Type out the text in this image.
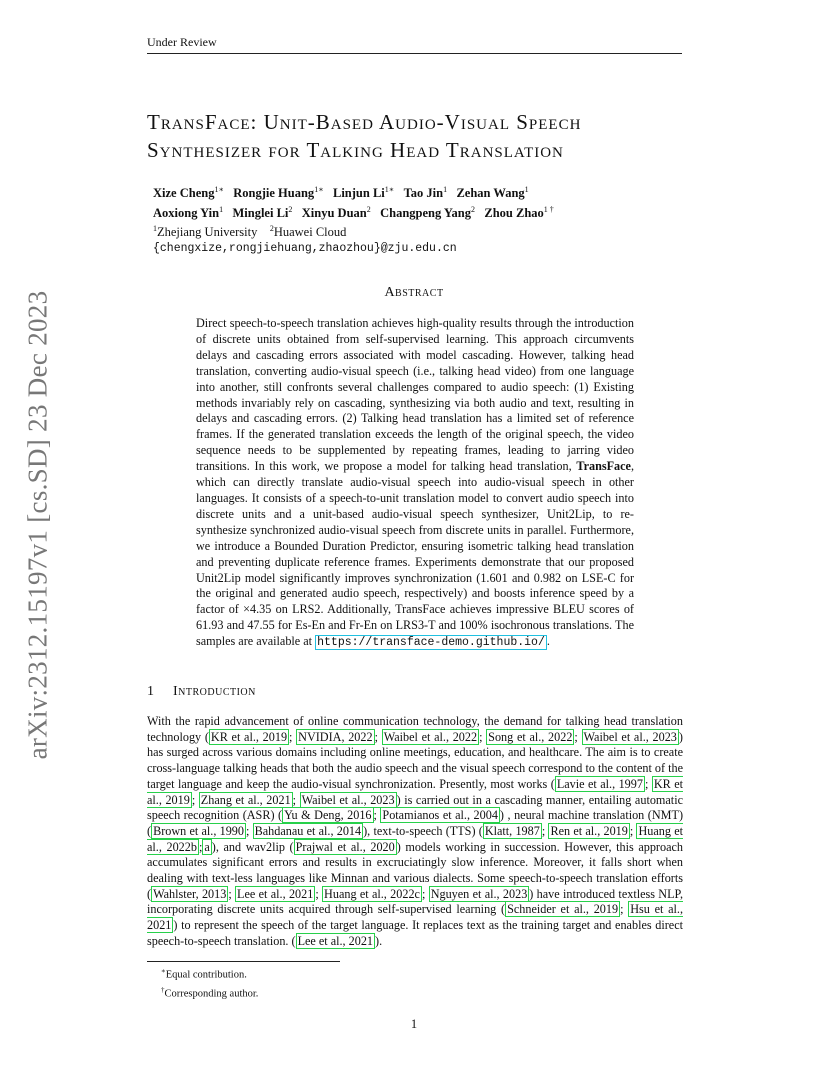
Under Review
arXiv:2312.15197v1 [cs.SD] 23 Dec 2023
TransFace: Unit-Based Audio-Visual Speech
Synthesizer for Talking Head Translation
Xize Cheng$^{1∗}$ Rongjie Huang$^{1∗}$ Linjun $Li^{1∗}$ Tao Jin$^1$ Zehan Wang$^1$
Aoxiong Yin$^1$ Minglei Li$^2$ Xinyu Duan$^2$ Changpeng Yang$^2$ Zhou Zhao$^{1 \dagger}$
$^1$Zhejiang University $^2$Huawei Cloud
{chengxize,rongjiehuang,zhaozhou}@zju.edu.cn
Abstract
Direct speech-to-speech translation achieves high-quality results through the introduction of discrete units obtained from self-supervised learning. This approach circumvents delays and cascading errors associated with model cascading. However, talking head translation, converting audio-visual speech (i.e., talking head video) from one language into another, still confronts several challenges compared to audio speech: (1) Existing methods invariably rely on cascading, synthesizing via both audio and text, resulting in delays and cascading errors. (2) Talking head translation has a limited set of reference frames. If the generated translation exceeds the length of the original speech, the video sequence needs to be supplemented by repeating frames, leading to jarring video transitions. In this work, we propose a model for talking head translation, TransFace, which can directly translate audio-visual speech into audio-visual speech in other languages. It consists of a speech-to-unit translation model to convert audio speech into discrete units and a unit-based audio-visual speech synthesizer, Unit2Lip, to re-synthesize synchronized audio-visual speech from discrete units in parallel. Furthermore, we introduce a Bounded Duration Predictor, ensuring isometric talking head translation and preventing duplicate reference frames. Experiments demonstrate that our proposed Unit2Lip model significantly improves synchronization (1.601 and 0.982 on LSE-C for the original and generated audio speech, respectively) and boosts inference speed by a factor of ×4.35 on LRS2. Additionally, TransFace achieves impressive BLEU scores of 61.93 and 47.55 for Es-En and Fr-En on LRS3-T and 100% isochronous translations. The samples are available at https://transface-demo.github.io/ .
1 Introduction
With the rapid advancement of online communication technology, the demand for talking head translation technology ( KR et al., 2019 ; NVIDIA, 2022 ; Waibel et al., 2022 ; Song et al., 2022 ; Waibel et al., 2023 ) has surged across various domains including online meetings, education, and healthcare. The aim is to create cross-language talking heads that both the audio speech and the visual speech correspond to the content of the target language and keep the audio-visual synchronization. Presently, most works ( Lavie et al., 1997 ; KR et al., 2019 ; Zhang et al., 2021 ; Waibel et al., 2023 ) is carried out in a cascading manner, entailing automatic speech recognition (ASR) ( Yu & Deng, 2016 ; Potamianos et al., 2004 ) , neural machine translation (NMT) ( Brown et al., 1990 ; Bahdanau et al., 2014 ), text-to-speech (TTS) ( Klatt, 1987 ; Ren et al., 2019 ; Huang et al., 2022b ; a ), and wav2lip ( Prajwal et al., 2020 ) models working in succession. However, this approach accumulates significant errors and results in excruciatingly slow inference. Moreover, it falls short when dealing with text-less languages like Minnan and various dialects. Some speech-to-speech translation efforts ( Wahlster, 2013 ; Lee et al., 2021 ; Huang et al., 2022c ; Nguyen et al., 2023 ) have introduced textless NLP, incorporating discrete units acquired through self-supervised learning ( Schneider et al., 2019 ; Hsu et al., 2021 ) to represent the speech of the target language. It replaces text as the training target and enables direct speech-to-speech translation. ( Lee et al., 2021 ).
∗Equal contribution.
†Corresponding author.
1
